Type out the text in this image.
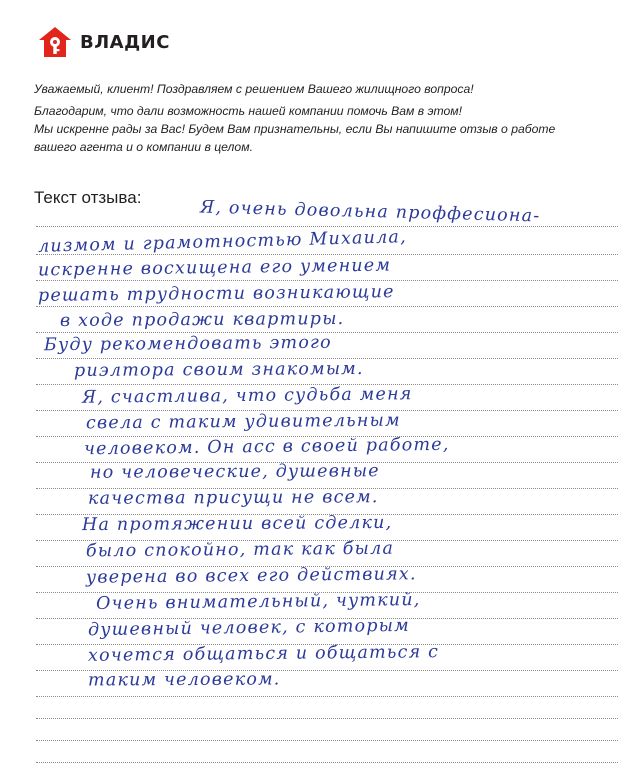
ВЛАДИС

Уважаемый, клиент! Поздравляем с решением Вашего жилищного вопроса!

Благодарим, что дали возможность нашей компании помочь Вам в этом!

Мы искренне рады за Вас! Будем Вам признательны, если Вы напишите отзыв о работе

вашего агента и о компании в целом.

Текст отзыва:
Я, очень довольна проффесиона-
лизмом и грамотностью Михаила,
искренне восхищена его умением
решать трудности возникающие
в ходе продажи квартиры.
Буду рекомендовать этого
риэлтора своим знакомым.
Я, счастлива, что судьба меня
свела с таким удивительным
человеком. Он асс в своей работе,
но человеческие, душевные
качества присущи не всем.
На протяжении всей сделки,
было спокойно, так как была
уверена во всех его действиях.
Очень внимательный, чуткий,
душевный человек, с которым
хочется общаться и общаться с
таким человеком.
